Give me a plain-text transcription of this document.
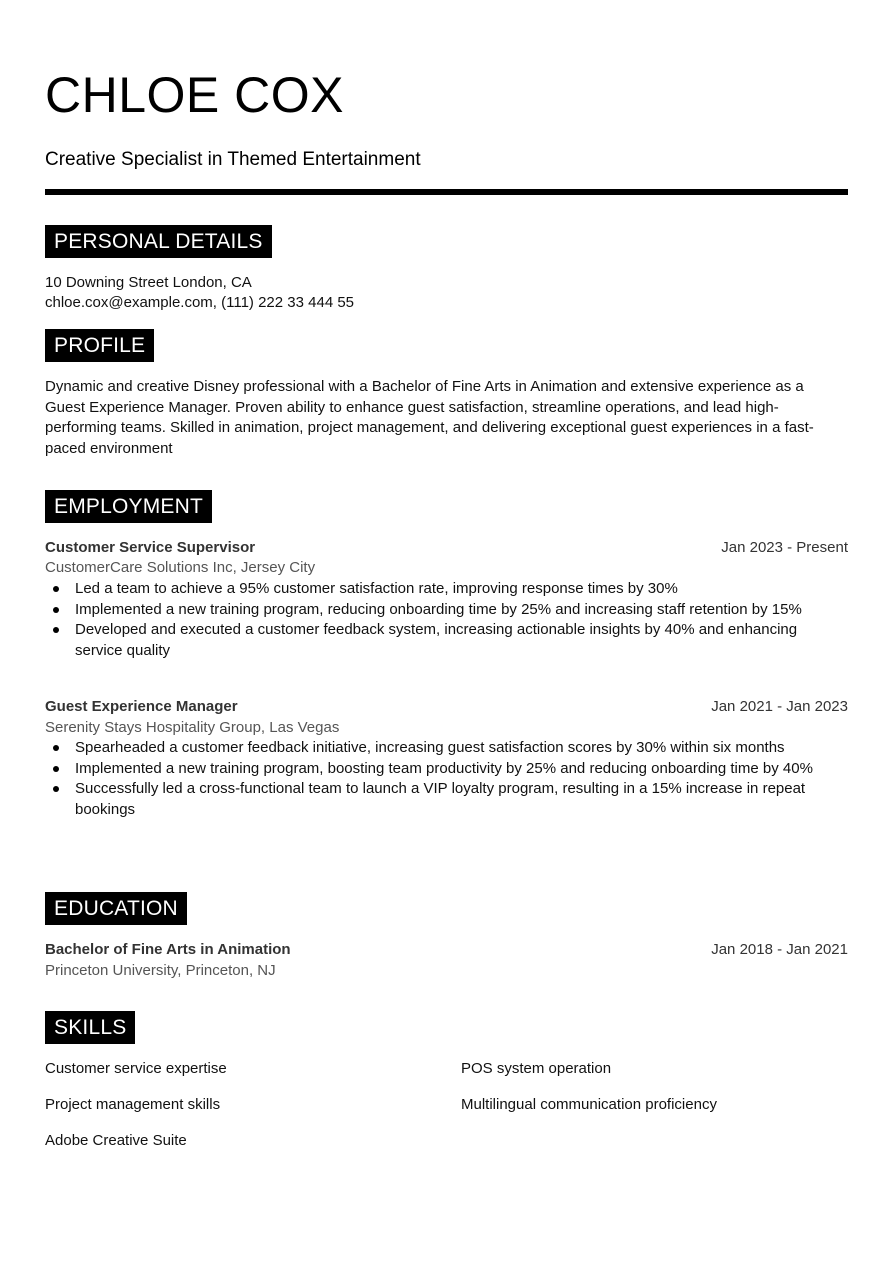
CHLOE COX
Creative Specialist in Themed Entertainment
PERSONAL DETAILS
10 Downing Street London, CA
chloe.cox@example.com, (111) 222 33 444 55
PROFILE
Dynamic and creative Disney professional with a Bachelor of Fine Arts in Animation and extensive experience as a Guest Experience Manager. Proven ability to enhance guest satisfaction, streamline operations, and lead high-performing teams. Skilled in animation, project management, and delivering exceptional guest experiences in a fast-paced environment
EMPLOYMENT
Customer Service Supervisor	Jan 2023 - Present
CustomerCare Solutions Inc, Jersey City
Led a team to achieve a 95% customer satisfaction rate, improving response times by 30%
Implemented a new training program, reducing onboarding time by 25% and increasing staff retention by 15%
Developed and executed a customer feedback system, increasing actionable insights by 40% and enhancing service quality
Guest Experience Manager	Jan 2021 - Jan 2023
Serenity Stays Hospitality Group, Las Vegas
Spearheaded a customer feedback initiative, increasing guest satisfaction scores by 30% within six months
Implemented a new training program, boosting team productivity by 25% and reducing onboarding time by 40%
Successfully led a cross-functional team to launch a VIP loyalty program, resulting in a 15% increase in repeat bookings
EDUCATION
Bachelor of Fine Arts in Animation	Jan 2018 - Jan 2021
Princeton University, Princeton, NJ
SKILLS
Customer service expertise	POS system operation
Project management skills	Multilingual communication proficiency
Adobe Creative Suite
